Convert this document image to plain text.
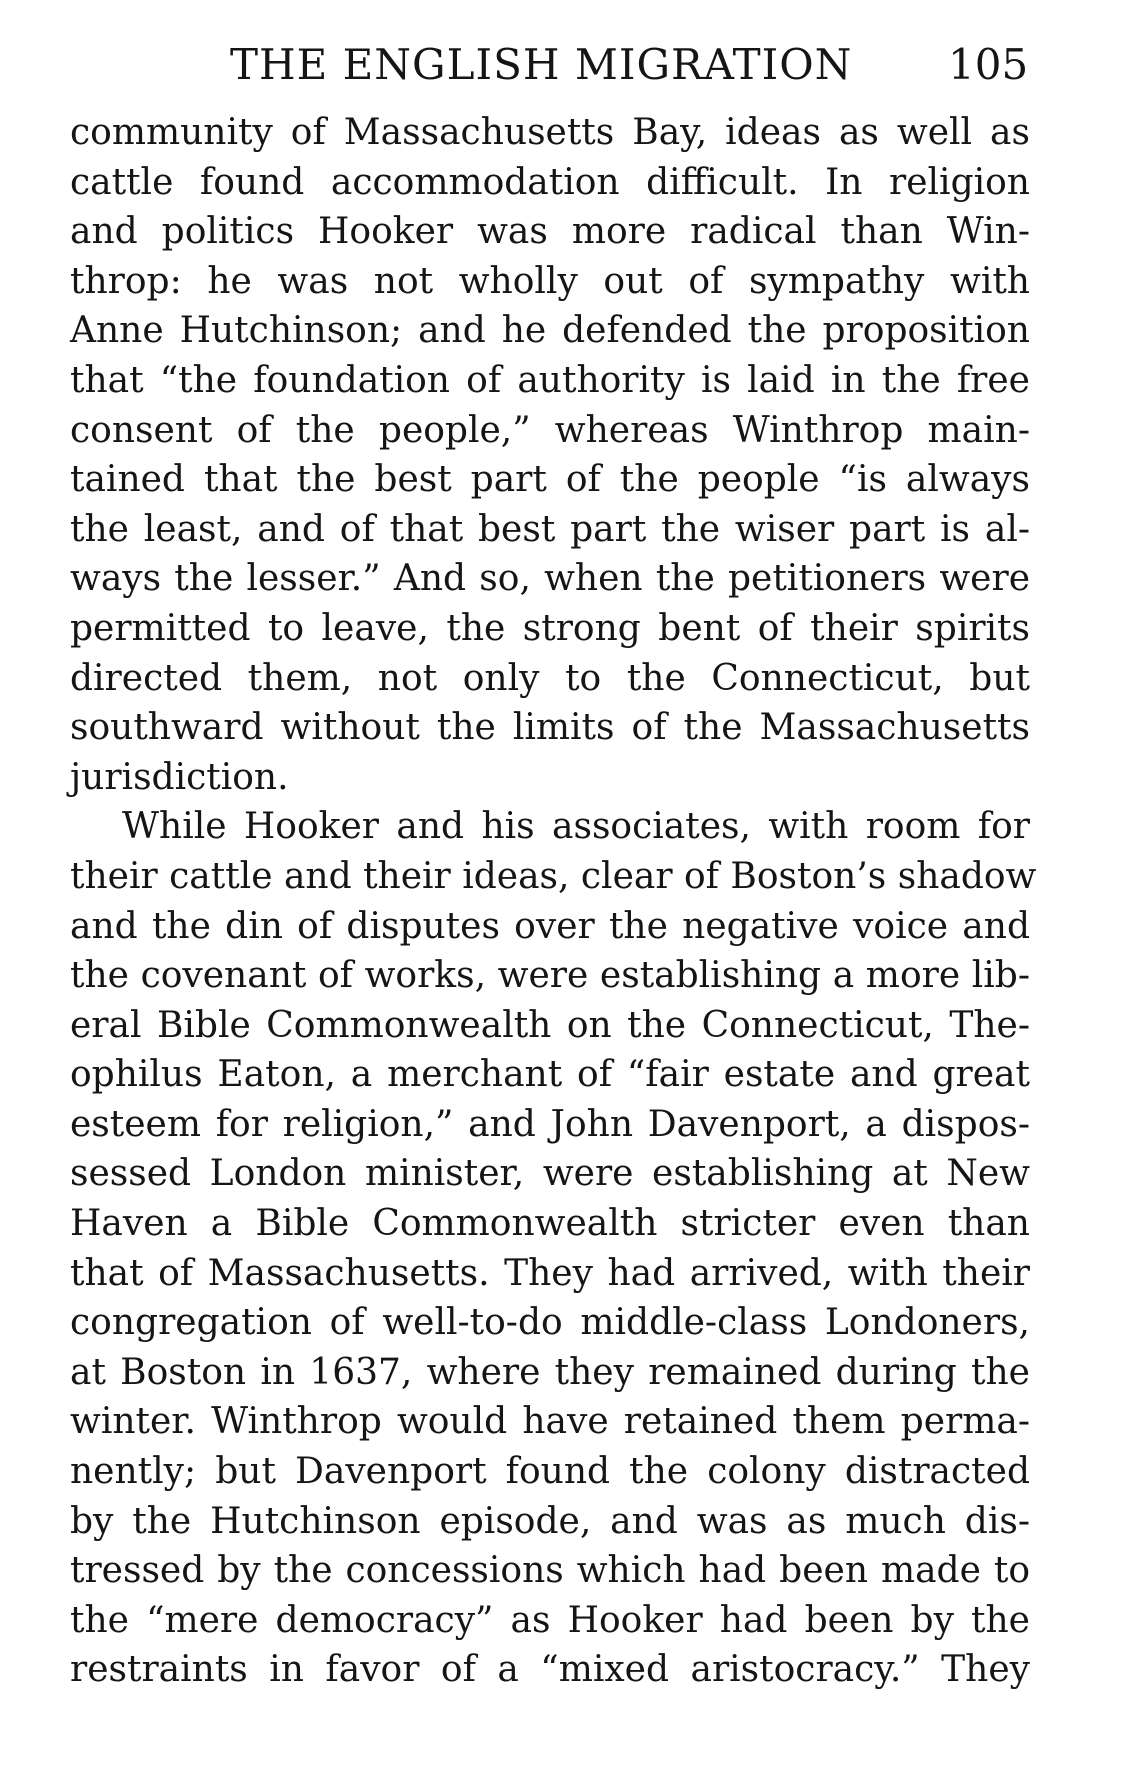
THE ENGLISH MIGRATION 105
community of Massachusetts Bay, ideas as well as
cattle found accommodation difficult. In religion
and politics Hooker was more radical than Win-
throp: he was not wholly out of sympathy with
Anne Hutchinson; and he defended the proposition
that “the foundation of authority is laid in the free
consent of the people,” whereas Winthrop main-
tained that the best part of the people “is always
the least, and of that best part the wiser part is al-
ways the lesser.” And so, when the petitioners were
permitted to leave, the strong bent of their spirits
directed them, not only to the Connecticut, but
southward without the limits of the Massachusetts
jurisdiction.
While Hooker and his associates, with room for
their cattle and their ideas, clear of Boston’s shadow
and the din of disputes over the negative voice and
the covenant of works, were establishing a more lib-
eral Bible Commonwealth on the Connecticut, The-
ophilus Eaton, a merchant of “fair estate and great
esteem for religion,” and John Davenport, a dispos-
sessed London minister, were establishing at New
Haven a Bible Commonwealth stricter even than
that of Massachusetts. They had arrived, with their
congregation of well-to-do middle-class Londoners,
at Boston in 1637, where they remained during the
winter. Winthrop would have retained them perma-
nently; but Davenport found the colony distracted
by the Hutchinson episode, and was as much dis-
tressed by the concessions which had been made to
the “mere democracy” as Hooker had been by the
restraints in favor of a “mixed aristocracy.” They
